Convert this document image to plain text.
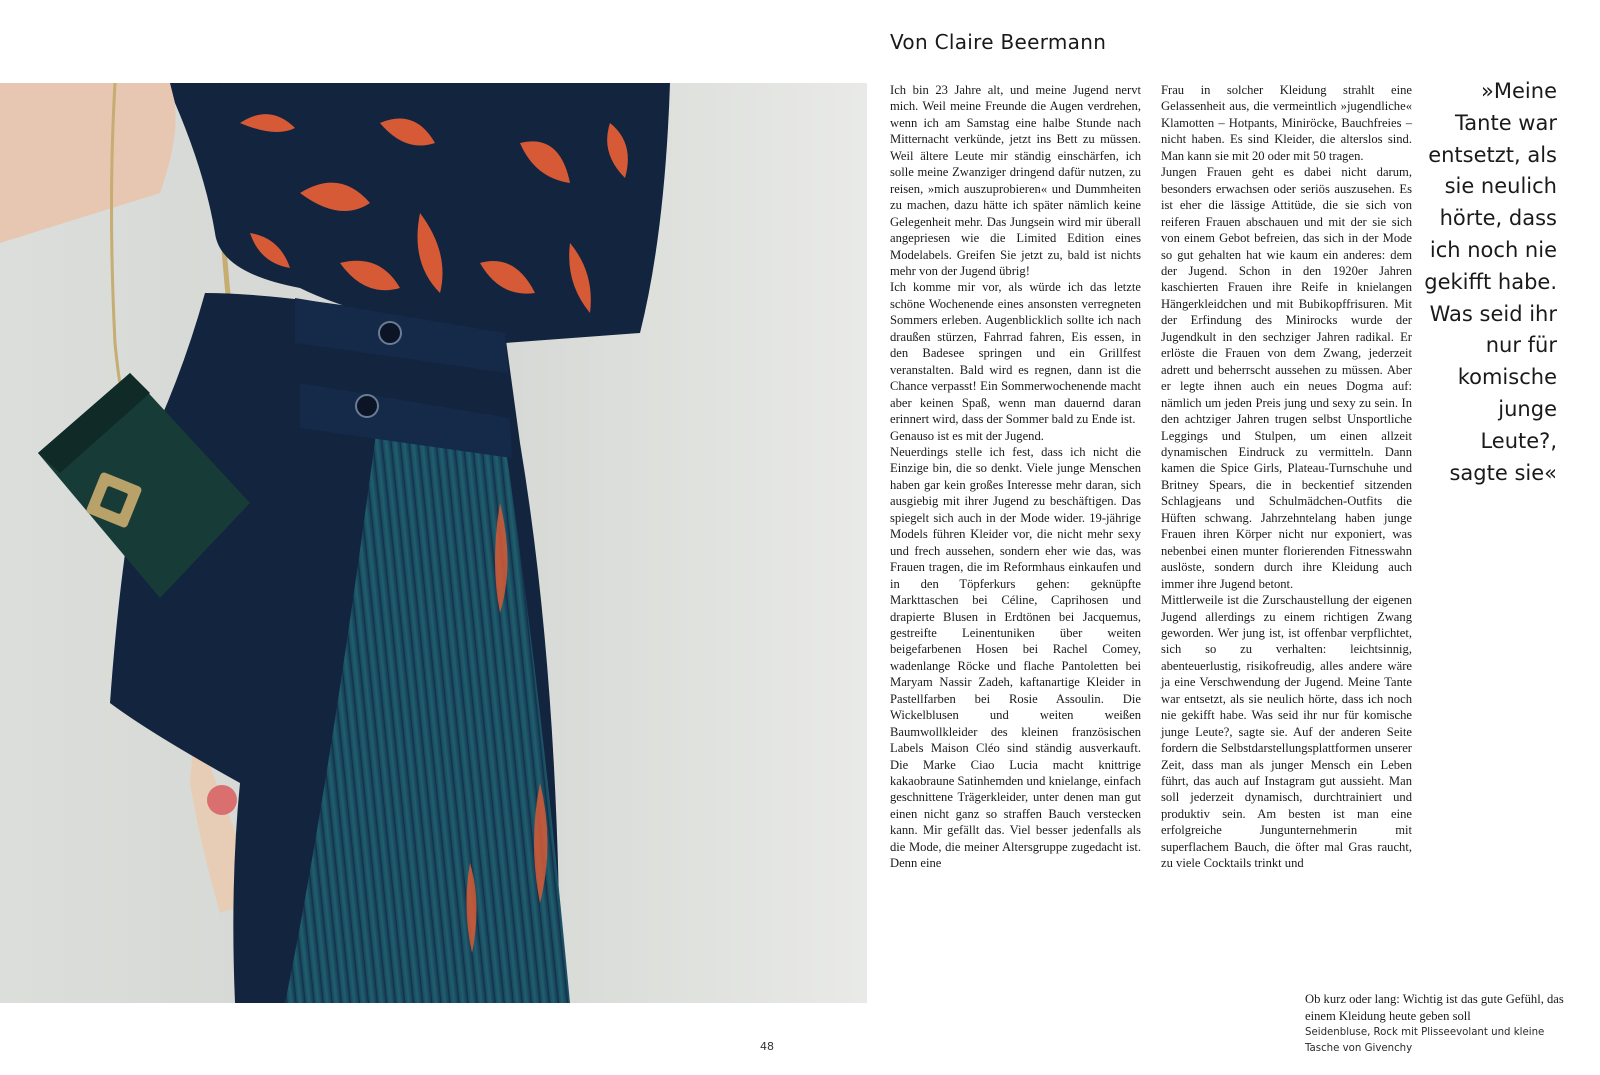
Von Claire Beermann

Ich bin 23 Jahre alt, und meine Jugend nervt mich. Weil meine Freunde die Augen verdrehen, wenn ich am Samstag eine halbe Stunde nach Mitternacht verkünde, jetzt ins Bett zu müssen. Weil ältere Leute mir ständig einschärfen, ich solle meine Zwanziger dringend dafür nutzen, zu reisen, »mich auszuprobieren« und Dummheiten zu machen, dazu hätte ich später nämlich keine Gelegenheit mehr. Das Jungsein wird mir überall angepriesen wie die Limited Edition eines Modelabels. Greifen Sie jetzt zu, bald ist nichts mehr von der Jugend übrig!

Ich komme mir vor, als würde ich das letzte schöne Wochenende eines ansonsten verregneten Sommers erleben. Augenblicklich sollte ich nach draußen stürzen, Fahrrad fahren, Eis essen, in den Badesee springen und ein Grillfest veranstalten. Bald wird es regnen, dann ist die Chance verpasst! Ein Sommerwochenende macht aber keinen Spaß, wenn man dauernd daran erinnert wird, dass der Sommer bald zu Ende ist.

Genauso ist es mit der Jugend.

Neuerdings stelle ich fest, dass ich nicht die Einzige bin, die so denkt. Viele junge Menschen haben gar kein großes Interesse mehr daran, sich ausgiebig mit ihrer Jugend zu beschäftigen. Das spiegelt sich auch in der Mode wider. 19-jährige Models führen Kleider vor, die nicht mehr sexy und frech aussehen, sondern eher wie das, was Frauen tragen, die im Reformhaus einkaufen und in den Töpferkurs gehen: geknüpfte Markttaschen bei Céline, Caprihosen und drapierte Blusen in Erdtönen bei Jacquemus, gestreifte Leinentuniken über weiten beigefarbenen Hosen bei Rachel Comey, wadenlange Röcke und flache Pantoletten bei Maryam Nassir Zadeh, kaftanartige Kleider in Pastellfarben bei Rosie Assoulin. Die Wickelblusen und weiten weißen Baumwollkleider des kleinen französischen Labels Maison Cléo sind ständig ausverkauft. Die Marke Ciao Lucia macht knittrige kakaobraune Satinhemden und knielange, einfach geschnittene Trägerkleider, unter denen man gut einen nicht ganz so straffen Bauch verstecken kann. Mir gefällt das. Viel besser jedenfalls als die Mode, die meiner Altersgruppe zugedacht ist. Denn eine

Frau in solcher Kleidung strahlt eine Gelassenheit aus, die vermeintlich »jugendliche« Klamotten – Hotpants, Miniröcke, Bauchfreies – nicht haben. Es sind Kleider, die alterslos sind. Man kann sie mit 20 oder mit 50 tragen.

Jungen Frauen geht es dabei nicht darum, besonders erwachsen oder seriös auszusehen. Es ist eher die lässige Attitüde, die sie sich von reiferen Frauen abschauen und mit der sie sich von einem Gebot befreien, das sich in der Mode so gut gehalten hat wie kaum ein anderes: dem der Jugend. Schon in den 1920er Jahren kaschierten Frauen ihre Reife in knielangen Hängerkleidchen und mit Bubikopffrisuren. Mit der Erfindung des Minirocks wurde der Jugendkult in den sechziger Jahren radikal. Er erlöste die Frauen von dem Zwang, jederzeit adrett und beherrscht aussehen zu müssen. Aber er legte ihnen auch ein neues Dogma auf: nämlich um jeden Preis jung und sexy zu sein. In den achtziger Jahren trugen selbst Unsportliche Leggings und Stulpen, um einen allzeit dynamischen Eindruck zu vermitteln. Dann kamen die Spice Girls, Plateau-Turnschuhe und Britney Spears, die in beckentief sitzenden Schlagjeans und Schulmädchen-Outfits die Hüften schwang. Jahrzehntelang haben junge Frauen ihren Körper nicht nur exponiert, was nebenbei einen munter florierenden Fitnesswahn auslöste, sondern durch ihre Kleidung auch immer ihre Jugend betont.

Mittlerweile ist die Zurschaustellung der eigenen Jugend allerdings zu einem richtigen Zwang geworden. Wer jung ist, ist offenbar verpflichtet, sich so zu verhalten: leichtsinnig, abenteuerlustig, risikofreudig, alles andere wäre ja eine Verschwendung der Jugend. Meine Tante war entsetzt, als sie neulich hörte, dass ich noch nie gekifft habe. Was seid ihr nur für komische junge Leute?, sagte sie. Auf der anderen Seite fordern die Selbstdarstellungsplattformen unserer Zeit, dass man als junger Mensch ein Leben führt, das auch auf Instagram gut aussieht. Man soll jederzeit dynamisch, durchtrainiert und produktiv sein. Am besten ist man eine erfolgreiche Jungunternehmerin mit superflachem Bauch, die öfter mal Gras raucht, zu viele Cocktails trinkt und

»Meine Tante war entsetzt, als sie neulich hörte, dass ich noch nie gekifft habe. Was seid ihr nur für komische junge Leute?, sagte sie«
Ob kurz oder lang: Wichtig ist das gute Gefühl, das einem Kleidung heute geben soll
Seidenbluse, Rock mit Plisseevolant und kleine Tasche von Givenchy
48
